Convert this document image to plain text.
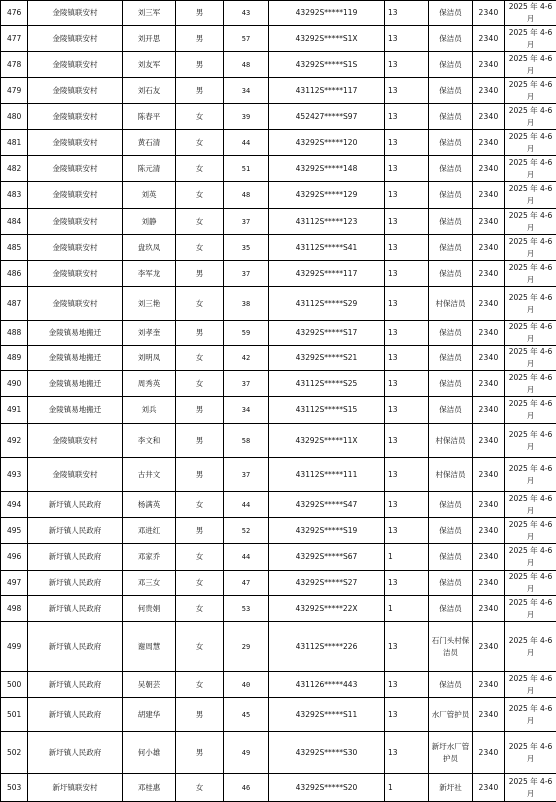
476	金陵镇联安村	刘三军	男	43	43292S*****119	13	保洁员	2340	2025 年 4-6 月
477	金陵镇联安村	刘开思	男	57	43292S*****S1X	13	保洁员	2340	2025 年 4-6 月
478	金陵镇联安村	刘友军	男	48	43292S*****S1S	13	保洁员	2340	2025 年 4-6 月
479	金陵镇联安村	刘石友	男	34	43112S*****117	13	保洁员	2340	2025 年 4-6 月
480	金陵镇联安村	陈春平	女	39	452427*****S97	13	保洁员	2340	2025 年 4-6 月
481	金陵镇联安村	黄石清	女	44	43292S*****120	13	保洁员	2340	2025 年 4-6 月
482	金陵镇联安村	陈元清	女	51	43292S*****148	13	保洁员	2340	2025 年 4-6 月
483	金陵镇联安村	刘英	女	48	43292S*****129	13	保洁员	2340	2025 年 4-6 月
484	金陵镇联安村	刘静	女	37	43112S*****123	13	保洁员	2340	2025 年 4-6 月
485	金陵镇联安村	盘玖凤	女	35	43112S*****S41	13	保洁员	2340	2025 年 4-6 月
486	金陵镇联安村	李军龙	男	37	43292S*****117	13	保洁员	2340	2025 年 4-6 月
487	金陵镇联安村	刘三艳	女	38	43112S*****S29	13	村保洁员	2340	2025 年 4-6 月
488	金陵镇易地搬迁	刘孝奎	男	59	43292S*****S17	13	保洁员	2340	2025 年 4-6 月
489	金陵镇易地搬迁	刘明凤	女	42	43292S*****S21	13	保洁员	2340	2025 年 4-6 月
490	金陵镇易地搬迁	周秀英	女	37	43112S*****S25	13	保洁员	2340	2025 年 4-6 月
491	金陵镇易地搬迁	刘兵	男	34	43112S*****S15	13	保洁员	2340	2025 年 4-6 月
492	金陵镇联安村	李文和	男	58	43292S*****11X	13	村保洁员	2340	2025 年 4-6 月
493	金陵镇联安村	古井文	男	37	43112S*****111	13	村保洁员	2340	2025 年 4-6 月
494	新圩镇人民政府	杨满英	女	44	43292S*****S47	13	保洁员	2340	2025 年 4-6 月
495	新圩镇人民政府	邓进红	男	52	43292S*****S19	13	保洁员	2340	2025 年 4-6 月
496	新圩镇人民政府	邓家乔	女	44	43292S*****S67	1	保洁员	2340	2025 年 4-6 月
497	新圩镇人民政府	邓三女	女	47	43292S*****S27	13	保洁员	2340	2025 年 4-6 月
498	新圩镇人民政府	何贵娟	女	53	43292S*****22X	1	保洁员	2340	2025 年 4-6 月
499	新圩镇人民政府	谢周慧	女	29	43112S*****226	13	石门头村保洁员	2340	2025 年 4-6 月
500	新圩镇人民政府	吴朝芸	女	40	431126*****443	13	保洁员	2340	2025 年 4-6 月
501	新圩镇人民政府	胡建华	男	45	43292S*****S11	13	水厂管护员	2340	2025 年 4-6 月
502	新圩镇人民政府	何小雄	男	49	43292S*****S30	13	新圩水厂管护员	2340	2025 年 4-6 月
503	新圩镇联安村	邓桂惠	女	46	43292S*****S20	1	新圩社	2340	2025 年 4-6 月
